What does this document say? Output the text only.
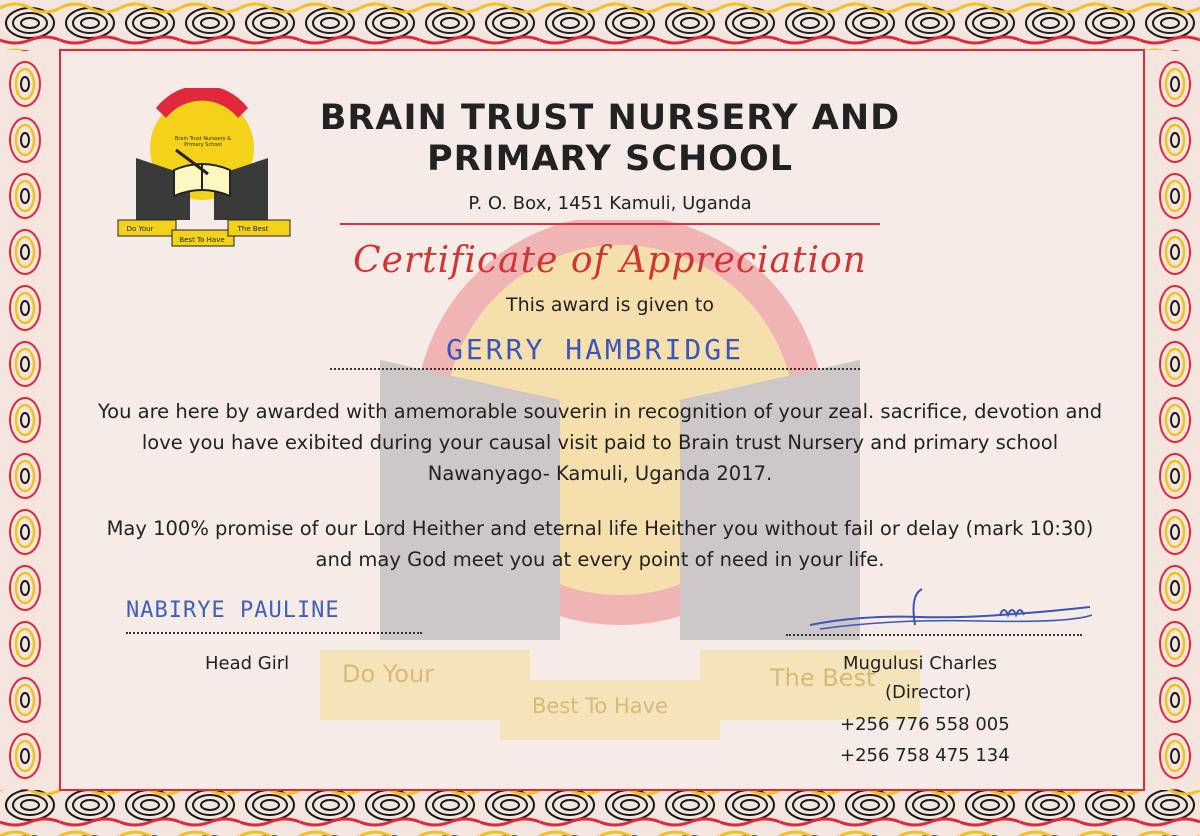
Do Your
Best To Have
The Best
Brain Trust Nurssery & Primary School
Do Your
Best To Have
The Best
BRAIN TRUST NURSERY AND
PRIMARY SCHOOL
P. O. Box, 1451 Kamuli, Uganda
Certificate of Appreciation
This award is given to
GERRY HAMBRIDGE
You are here by awarded with amemorable souverin in recognition of your zeal. sacrifice, devotion and love you have exibited during your causal visit paid to Brain trust Nursery and primary school Nawanyago- Kamuli, Uganda 2017.
May 100% promise of our Lord Heither and eternal life Heither you without fail or delay (mark 10:30) and may God meet you at every point of need in your life.
NABIRYE PAULINE
Head Girl	Mugulusi Charles
(Director)
+256 776 558 005
+256 758 475 134
